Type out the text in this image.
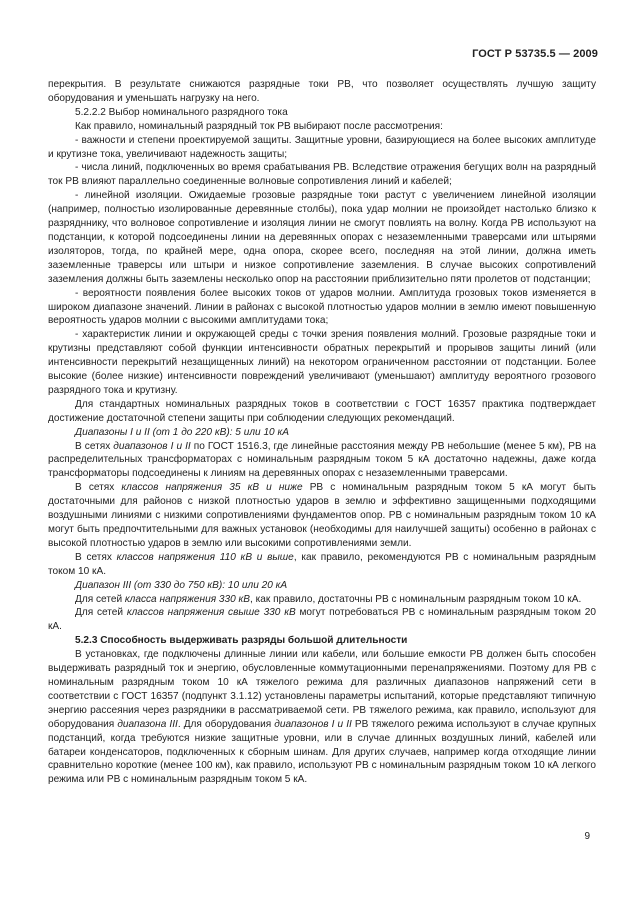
ГОСТ Р 53735.5 — 2009

перекрытия. В результате снижаются разрядные токи РВ, что позволяет осуществлять лучшую защиту оборудования и уменьшать нагрузку на него.

5.2.2.2 Выбор номинального разрядного тока

Как правило, номинальный разрядный ток РВ выбирают после рассмотрения:

- важности и степени проектируемой защиты. Защитные уровни, базирующиеся на более высоких амплитуде и крутизне тока, увеличивают надежность защиты;

- числа линий, подключенных во время срабатывания РВ. Вследствие отражения бегущих волн на разрядный ток РВ влияют параллельно соединенные волновые сопротивления линий и кабелей;

- линейной изоляции. Ожидаемые грозовые разрядные токи растут с увеличением линейной изоляции (например, полностью изолированные деревянные столбы), пока удар молнии не произойдет настолько близко к разрядннику, что волновое сопротивление и изоляция линии не смогут повлиять на волну. Когда РВ используют на подстанции, к которой подсоединены линии на деревянных опорах с незаземленными траверсами или штырями изоляторов, тогда, по крайней мере, одна опора, скорее всего, последняя на этой линии, должна иметь заземленные траверсы или штыри и низкое сопротивление заземления. В случае высоких сопротивлений заземления должны быть заземлены несколько опор на расстоянии приблизительно пяти пролетов от подстанции;

- вероятности появления более высоких токов от ударов молнии. Амплитуда грозовых токов изменяется в широком диапазоне значений. Линии в районах с высокой плотностью ударов молнии в землю имеют повышенную вероятность ударов молнии с высокими амплитудами тока;

- характеристик линии и окружающей среды с точки зрения появления молний. Грозовые разрядные токи и крутизны представляют собой функции интенсивности обратных перекрытий и прорывов защиты линий (или интенсивности перекрытий незащищенных линий) на некотором ограниченном расстоянии от подстанции. Более высокие (более низкие) интенсивности повреждений увеличивают (уменьшают) амплитуду вероятного грозового разрядного тока и крутизну.

Для стандартных номинальных разрядных токов в соответствии с ГОСТ 16357 практика подтверждает достижение достаточной степени защиты при соблюдении следующих рекомендаций.

Диапазоны I и II (от 1 до 220 кВ): 5 или 10 кА

В сетях диапазонов I и II по ГОСТ 1516.3, где линейные расстояния между РВ небольшие (менее 5 км), РВ на распределительных трансформаторах с номинальным разрядным током 5 кА достаточно надежны, даже когда трансформаторы подсоединены к линиям на деревянных опорах с незаземленными траверсами.

В сетях классов напряжения 35 кВ и ниже РВ с номинальным разрядным током 5 кА могут быть достаточными для районов с низкой плотностью ударов в землю и эффективно защищенными подходящими воздушными линиями с низкими сопротивлениями фундаментов опор. РВ с номинальным разрядным током 10 кА могут быть предпочтительными для важных установок (необходимы для наилучшей защиты) особенно в районах с высокой плотностью ударов в землю или высокими сопротивлениями земли.

В сетях классов напряжения 110 кВ и выше, как правило, рекомендуются РВ с номинальным разрядным током 10 кА.

Диапазон III (от 330 до 750 кВ): 10 или 20 кА

Для сетей класса напряжения 330 кВ, как правило, достаточны РВ с номинальным разрядным током 10 кА.

Для сетей классов напряжения свыше 330 кВ могут потребоваться РВ с номинальным разрядным током 20 кА.

5.2.3 Способность выдерживать разряды большой длительности

В установках, где подключены длинные линии или кабели, или большие емкости РВ должен быть способен выдерживать разрядный ток и энергию, обусловленные коммутационными перенапряжениями. Поэтому для РВ с номинальным разрядным током 10 кА тяжелого режима для различных диапазонов напряжений сети в соответствии с ГОСТ 16357 (подпункт 3.1.12) установлены параметры испытаний, которые представляют типичную энергию рассеяния через разрядники в рассматриваемой сети. РВ тяжелого режима, как правило, используют для оборудования диапазона III. Для оборудования диапазонов I и II РВ тяжелого режима используют в случае крупных подстанций, когда требуются низкие защитные уровни, или в случае длинных воздушных линий, кабелей или батареи конденсаторов, подключенных к сборным шинам. Для других случаев, например когда отходящие линии сравнительно короткие (менее 100 км), как правило, используют РВ с номинальным разрядным током 10 кА легкого режима или РВ с номинальным разрядным током 5 кА.

9
